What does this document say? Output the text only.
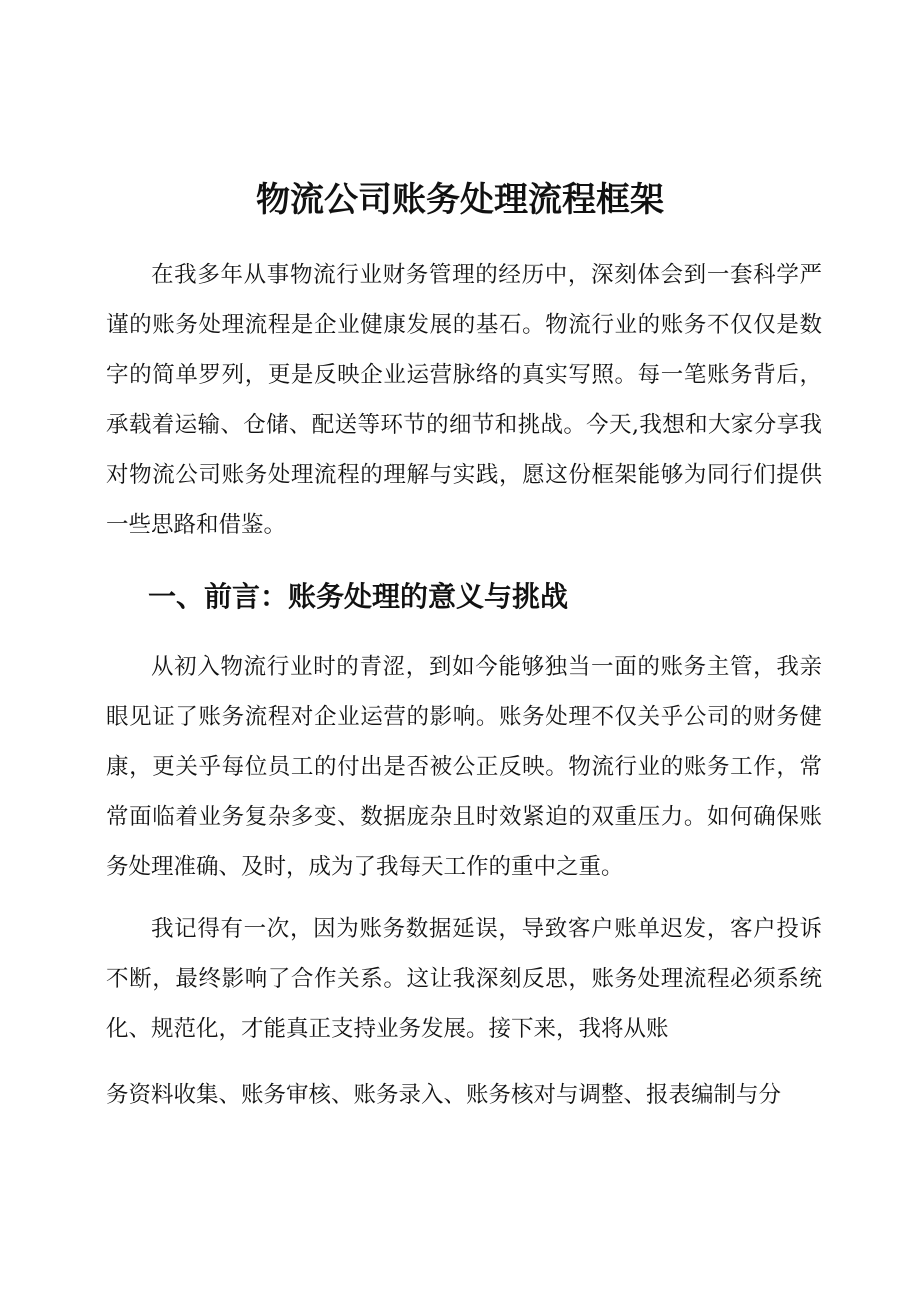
物流公司账务处理流程框架

在我多年从事物流行业财务管理的经历中，深刻体会到一套科学严谨的账务处理流程是企业健康发展的基石。物流行业的账务不仅仅是数字的简单罗列，更是反映企业运营脉络的真实写照。每一笔账务背后，承载着运输、仓储、配送等环节的细节和挑战。今天,我想和大家分享我对物流公司账务处理流程的理解与实践，愿这份框架能够为同行们提供一些思路和借鉴。

一、前言：账务处理的意义与挑战

从初入物流行业时的青涩，到如今能够独当一面的账务主管，我亲眼见证了账务流程对企业运营的影响。账务处理不仅关乎公司的财务健康，更关乎每位员工的付出是否被公正反映。物流行业的账务工作，常常面临着业务复杂多变、数据庞杂且时效紧迫的双重压力。如何确保账务处理准确、及时，成为了我每天工作的重中之重。

我记得有一次，因为账务数据延误，导致客户账单迟发，客户投诉不断，最终影响了合作关系。这让我深刻反思，账务处理流程必须系统化、规范化，才能真正支持业务发展。接下来，我将从账

务资料收集、账务审核、账务录入、账务核对与调整、报表编制与分
